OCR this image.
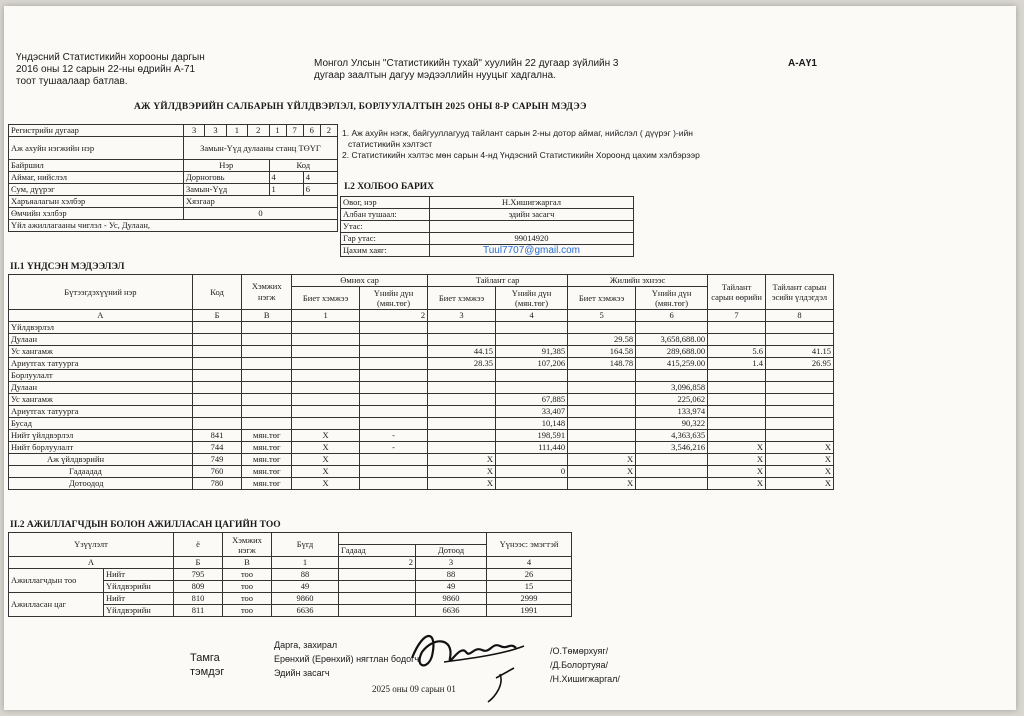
Үндэсний Статистикийн хорооны даргын
2016 оны 12 сарын 22-ны өдрийн А-71
тоот тушаалаар батлав.
Монгол Улсын "Статистикийн тухай" хуулийн 22 дугаар зүйлийн 3
дугаар заалтын дагуу мэдээллийн нууцыг хадгална.
А-АҮ1
АЖ ҮЙЛДВЭРИЙН САЛБАРЫН ҮЙЛДВЭРЛЭЛ, БОРЛУУЛАЛТЫН 2025 ОНЫ 8-Р САРЫН МЭДЭЭ
Регистрийн дугаар	3	3	1	2	1	7	6	2
Аж ахуйн нэгжийн нэр	Замын-Үүд дулааны станц ТӨҮГ							
Байршил	Нэр				Код			
Аймаг, нийслэл	Дорноговь				4		4	
Сум, дүүрэг	Замын-Үүд				1		6	
Харъяалагын хэлбэр	Хязгаар							
Өмчийн хэлбэр	0							
Үйл ажиллагааны чиглэл - Ус, Дулаан,								
1. Аж ахуйн нэгж, байгууллагууд тайлант сарын 2-ны дотор аймаг, нийслэл ( дүүрэг )-ийн
статистикийн хэлтэст
2. Статистикийн хэлтэс мөн сарын 4-нд Үндэсний Статистикийн Хороонд цахим хэлбэрээр
I.2 ХОЛБОО БАРИХ
Овог, нэр	Н.Хишигжаргал
Албан тушаал:	эдийн засагч
Утас:	
Гар утас:	99014920
Цахим хаяг:	Tuul7707@gmail.com
II.1 ҮНДСЭН МЭДЭЭЛЭЛ
Бүтээгдэхүүний нэр	Код	Хэмжих нэгж	Өмнөх сар		Тайлант сар		Жилийн эхнээс		Тайлант сарын өөрийн	Тайлант сарын эсийн үлдэгдэл
			Биет хэмжээ	Үнийн дүн (мян.төг)	Биет хэмжээ	Үнийн дүн (мян.төг)	Биет хэмжээ	Үнийн дүн (мян.төг)		
А	Б	В	1	2	3	4	5	6	7	8
Үйлдвэрлэл										
Дулаан							29.58	3,658,688.00		
Ус хангамж					44.15	91,385	164.58	289,688.00	5.6	41.15
Ариутгах татуурга					28.35	107,206	148.78	415,259.00	1.4	26.95
Борлуулалт										
Дулаан								3,096,858		
Ус хангамж						67,885		225,062		
Ариутгах татуурга						33,407		133,974		
Бусад						10,148		90,322		
Нийт үйлдвэрлэл	841	мян.төг	X	-		198,591		4,363,635		
Нийт борлуулалт	744	мян.төг	X	-		111,440		3,546,216	X	X
Аж үйлдвэрийн	749	мян.төг	X		X		X		X	X
Гадаадад	760	мян.төг	X		X	0	X		X	X
Дотоодод	780	мян.төг	X		X		X		X	X
II.2 АЖИЛЛАГЧДЫН БОЛОН АЖИЛЛАСАН ЦАГИЙН ТОО
Үзүүлэлт		ё	Хэмжих нэгж	Бүгд			Үүнээс: эмэгтэй
					Гадаад	Дотоод	
А		Б	В	1	2	3	4
Ажиллагчдын тоо	Нийт	795	тоо	88		88	26
	Үйлдвэрийн	809	тоо	49		49	15
Ажилласан цаг	Нийт	810	тоо	9860		9860	2999
	Үйлдвэрийн	811	тоо	6636		6636	1991
Тамга
тэмдэг
Дарга, захирал
Ерөнхий (Ерөнхий) нягтлан бодогч
Эдийн засагч
/О.Төмөрхуяг/
/Д.Болортуяа/
/Н.Хишигжаргал/
2025 оны 09 сарын 01
